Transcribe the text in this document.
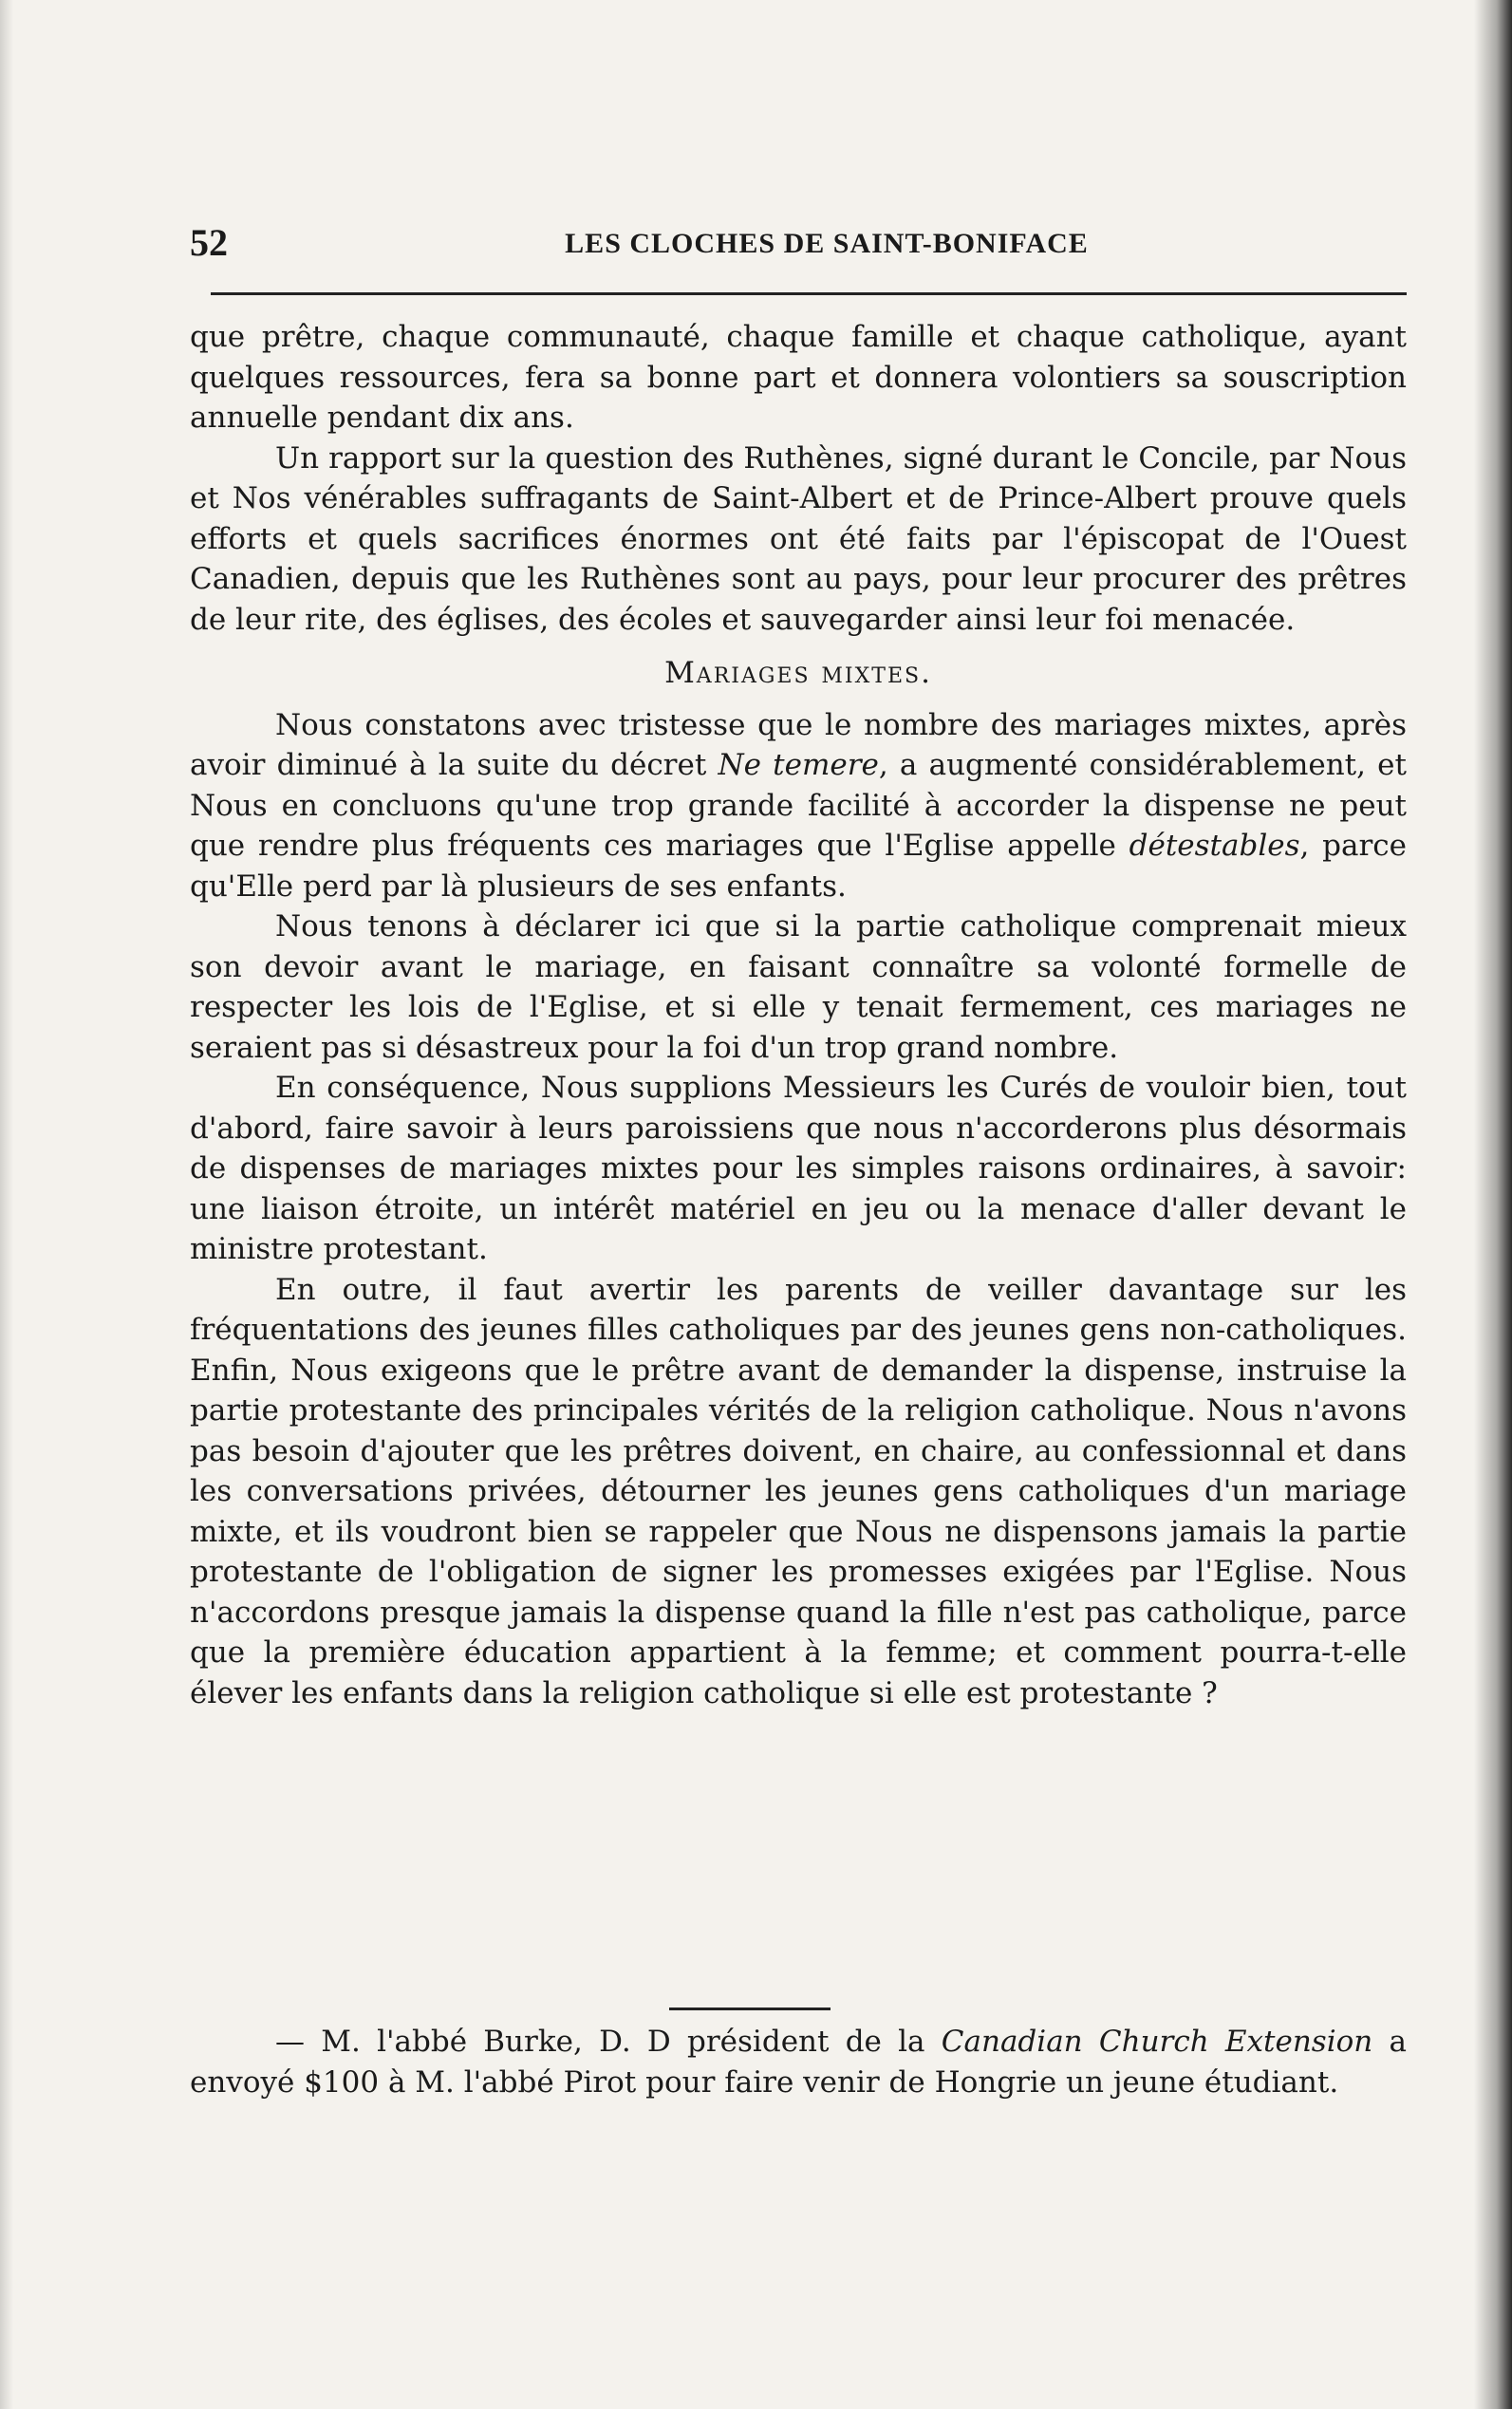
52	LES CLOCHES DE SAINT-BONIFACE

que prêtre, chaque communauté, chaque famille et chaque catholique, ayant quelques ressources, fera sa bonne part et donnera volontiers sa souscription annuelle pendant dix ans.

Un rapport sur la question des Ruthènes, signé durant le Concile, par Nous et Nos vénérables suffragants de Saint-Albert et de Prince-Albert prouve quels efforts et quels sacrifices énormes ont été faits par l'épiscopat de l'Ouest Canadien, depuis que les Ruthènes sont au pays, pour leur procurer des prêtres de leur rite, des églises, des écoles et sauvegarder ainsi leur foi menacée.

Mariages mixtes.

Nous constatons avec tristesse que le nombre des mariages mixtes, après avoir diminué à la suite du décret Ne temere, a augmenté considérablement, et Nous en concluons qu'une trop grande facilité à accorder la dispense ne peut que rendre plus fréquents ces mariages que l'Eglise appelle détestables, parce qu'Elle perd par là plusieurs de ses enfants.

Nous tenons à déclarer ici que si la partie catholique comprenait mieux son devoir avant le mariage, en faisant connaître sa volonté formelle de respecter les lois de l'Eglise, et si elle y tenait fermement, ces mariages ne seraient pas si désastreux pour la foi d'un trop grand nombre.

En conséquence, Nous supplions Messieurs les Curés de vouloir bien, tout d'abord, faire savoir à leurs paroissiens que nous n'accorderons plus désormais de dispenses de mariages mixtes pour les simples raisons ordinaires, à savoir: une liaison étroite, un intérêt matériel en jeu ou la menace d'aller devant le ministre protestant.

En outre, il faut avertir les parents de veiller davantage sur les fréquentations des jeunes filles catholiques par des jeunes gens non-catholiques. Enfin, Nous exigeons que le prêtre avant de demander la dispense, instruise la partie protestante des principales vérités de la religion catholique. Nous n'avons pas besoin d'ajouter que les prêtres doivent, en chaire, au confessionnal et dans les conversations privées, détourner les jeunes gens catholiques d'un mariage mixte, et ils voudront bien se rappeler que Nous ne dispensons jamais la partie protestante de l'obligation de signer les promesses exigées par l'Eglise. Nous n'accordons presque jamais la dispense quand la fille n'est pas catholique, parce que la première éducation appartient à la femme; et comment pourra-t-elle élever les enfants dans la religion catholique si elle est protestante ?

— M. l'abbé Burke, D. D président de la Canadian Church Extension a envoyé $100 à M. l'abbé Pirot pour faire venir de Hongrie un jeune étudiant.
